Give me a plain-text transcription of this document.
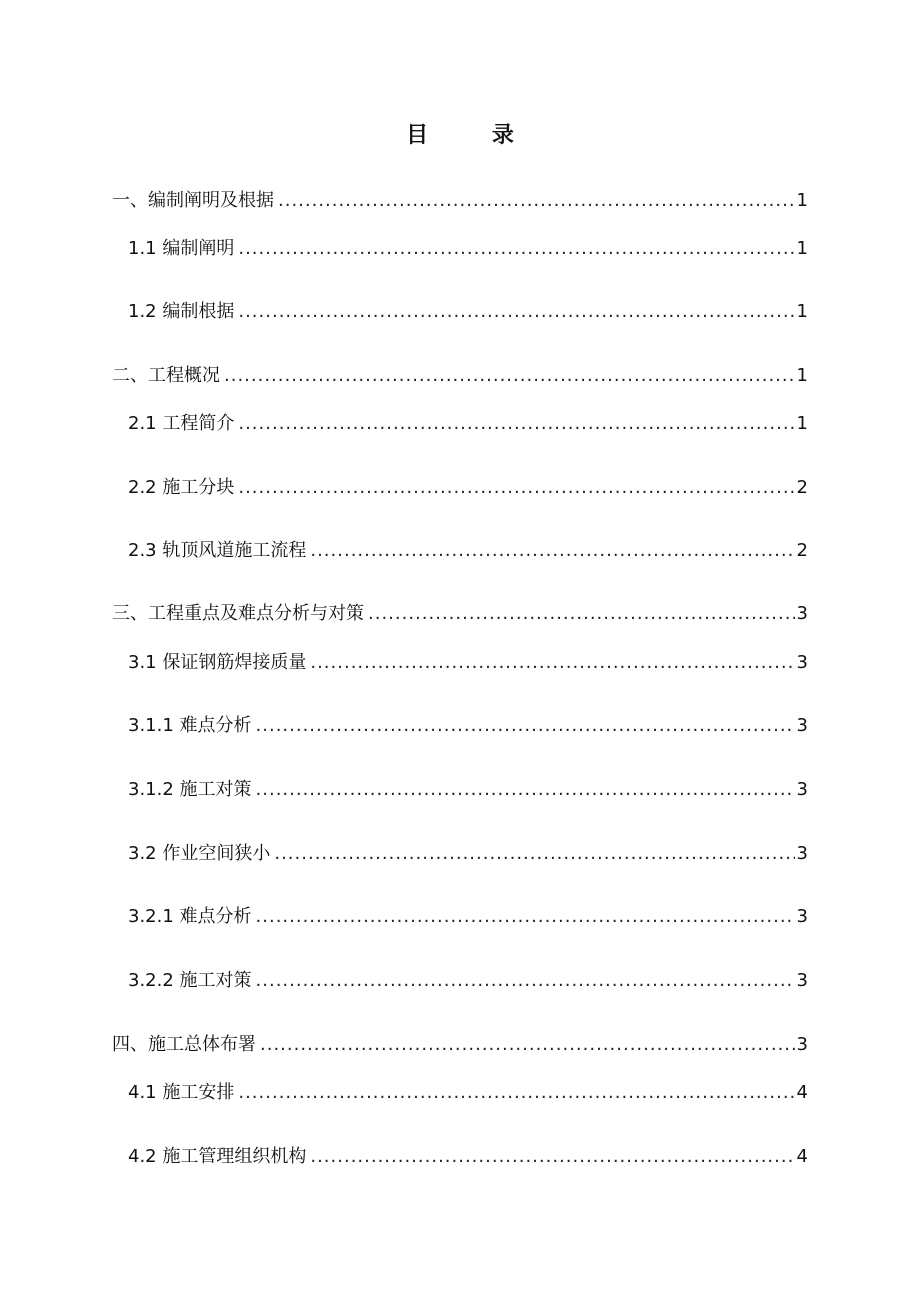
目 录
一、编制阐明及根据 .....	1
1.1 编制阐明 .....	1
1.2 编制根据 .....	1
二、工程概况 .....	1
2.1 工程简介 .....	1
2.2 施工分块 .....	2
2.3 轨顶风道施工流程 .....	2
三、工程重点及难点分析与对策 .....	3
3.1 保证钢筋焊接质量 .....	3
3.1.1 难点分析 .....	3
3.1.2 施工对策 .....	3
3.2 作业空间狭小 .....	3
3.2.1 难点分析 .....	3
3.2.2 施工对策 .....	3
四、施工总体布署 .....	3
4.1 施工安排 .....	4
4.2 施工管理组织机构 .....	4
